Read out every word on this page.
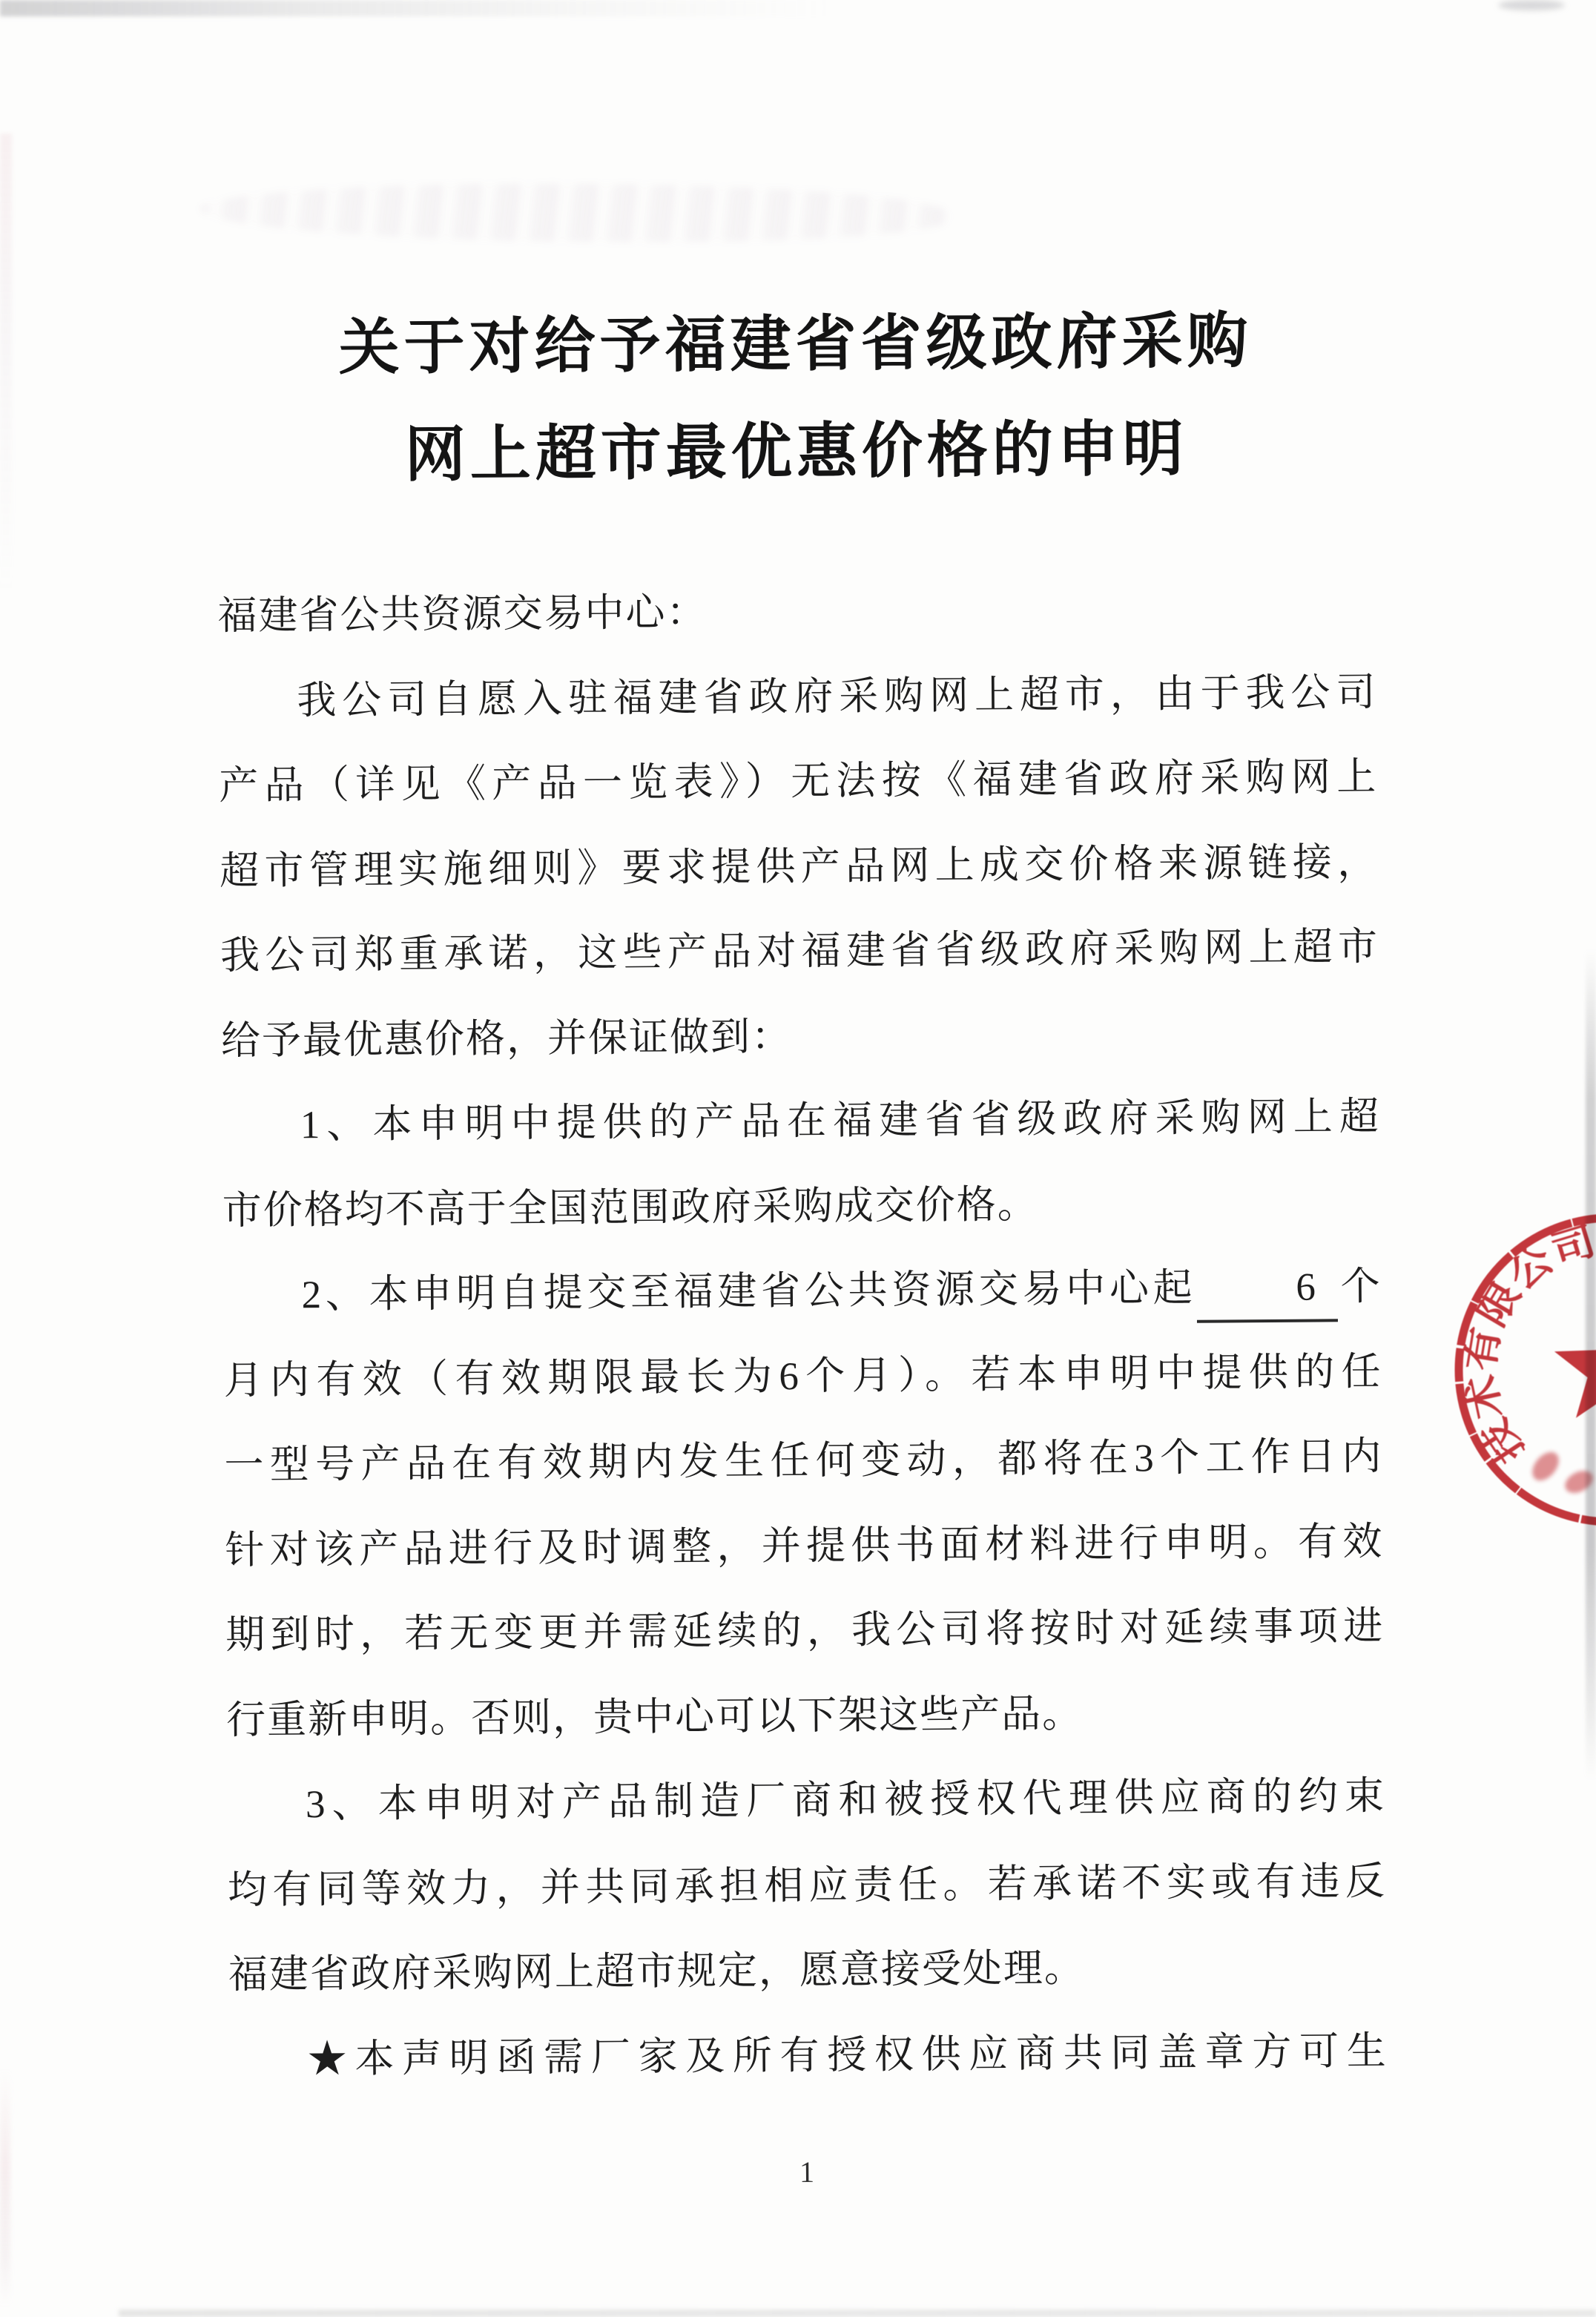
关于对给予福建省省级政府采购
网上超市最优惠价格的申明
福建省公共资源交易中心：
我公司自愿入驻福建省政府采购网上超市，由于我公司
产品（详见《产品一览表》）无法按《福建省政府采购网上
超市管理实施细则》要求提供产品网上成交价格来源链接，
我公司郑重承诺，这些产品对福建省省级政府采购网上超市
给予最优惠价格，并保证做到：
1、本申明中提供的产品在福建省省级政府采购网上超
市价格均不高于全国范围政府采购成交价格。
2、本申明自提交至福建省公共资源交易中心起	6 个
月内有效（有效期限最长为6个月）。若本申明中提供的任
一型号产品在有效期内发生任何变动，都将在3个工作日内
针对该产品进行及时调整，并提供书面材料进行申明。有效
期到时，若无变更并需延续的，我公司将按时对延续事项进
行重新申明。否则，贵中心可以下架这些产品。
3、本申明对产品制造厂商和被授权代理供应商的约束
均有同等效力，并共同承担相应责任。若承诺不实或有违反
福建省政府采购网上超市规定，愿意接受处理。
★本声明函需厂家及所有授权供应商共同盖章方可生
1
技术有限公司
